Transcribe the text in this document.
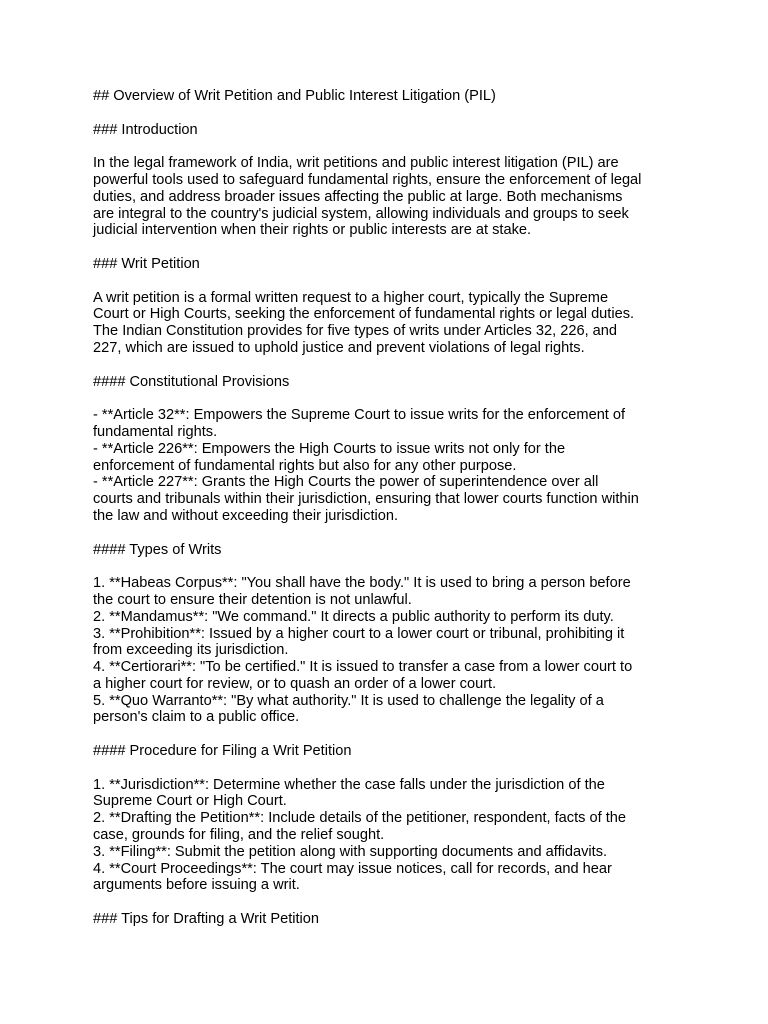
## Overview of Writ Petition and Public Interest Litigation (PIL)
### Introduction
In the legal framework of India, writ petitions and public interest litigation (PIL) are
powerful tools used to safeguard fundamental rights, ensure the enforcement of legal
duties, and address broader issues affecting the public at large. Both mechanisms
are integral to the country's judicial system, allowing individuals and groups to seek
judicial intervention when their rights or public interests are at stake.
### Writ Petition
A writ petition is a formal written request to a higher court, typically the Supreme
Court or High Courts, seeking the enforcement of fundamental rights or legal duties.
The Indian Constitution provides for five types of writs under Articles 32, 226, and
227, which are issued to uphold justice and prevent violations of legal rights.
#### Constitutional Provisions
- **Article 32**: Empowers the Supreme Court to issue writs for the enforcement of
fundamental rights.
- **Article 226**: Empowers the High Courts to issue writs not only for the
enforcement of fundamental rights but also for any other purpose.
- **Article 227**: Grants the High Courts the power of superintendence over all
courts and tribunals within their jurisdiction, ensuring that lower courts function within
the law and without exceeding their jurisdiction.
#### Types of Writs
1. **Habeas Corpus**: "You shall have the body." It is used to bring a person before
the court to ensure their detention is not unlawful.
2. **Mandamus**: "We command." It directs a public authority to perform its duty.
3. **Prohibition**: Issued by a higher court to a lower court or tribunal, prohibiting it
from exceeding its jurisdiction.
4. **Certiorari**: "To be certified." It is issued to transfer a case from a lower court to
a higher court for review, or to quash an order of a lower court.
5. **Quo Warranto**: "By what authority." It is used to challenge the legality of a
person's claim to a public office.
#### Procedure for Filing a Writ Petition
1. **Jurisdiction**: Determine whether the case falls under the jurisdiction of the
Supreme Court or High Court.
2. **Drafting the Petition**: Include details of the petitioner, respondent, facts of the
case, grounds for filing, and the relief sought.
3. **Filing**: Submit the petition along with supporting documents and affidavits.
4. **Court Proceedings**: The court may issue notices, call for records, and hear
arguments before issuing a writ.
### Tips for Drafting a Writ Petition
